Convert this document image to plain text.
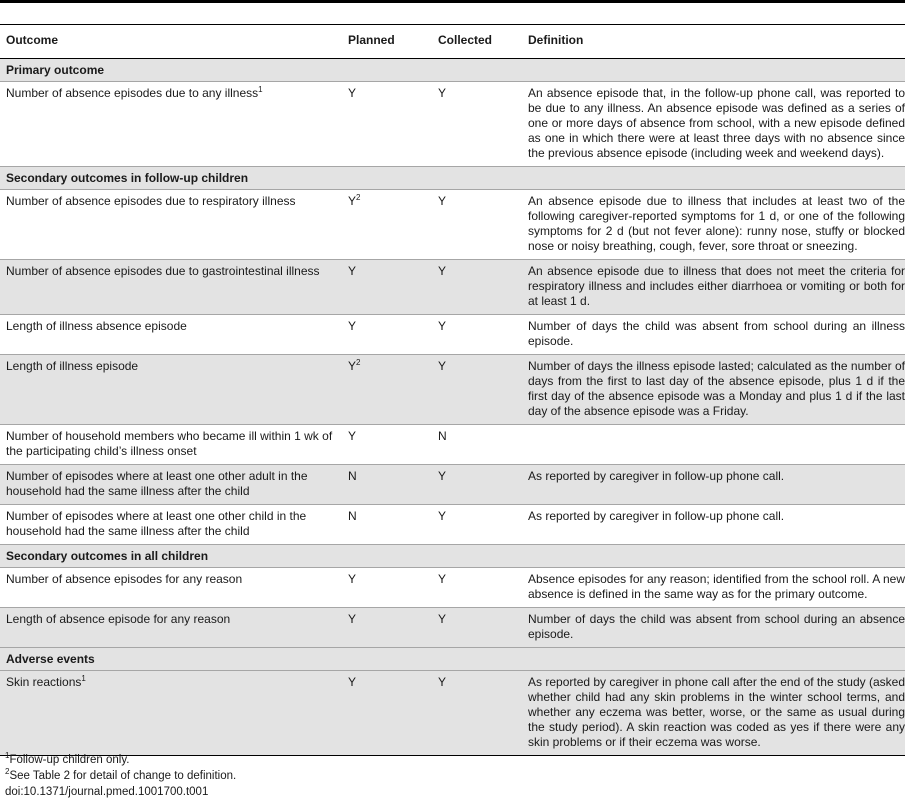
Outcome	Planned	Collected	Definition
Primary outcome			
Number of absence episodes due to any illness$^1$	Y	Y	An absence episode that, in the follow-up phone call, was reported to be due to any illness. An absence episode was defined as a series of one or more days of absence from school, with a new episode defined as one in which there were at least three days with no absence since the previous absence episode (including week and weekend days).
Secondary outcomes in follow-up children			
Number of absence episodes due to respiratory illness	$Y^2$	Y	An absence episode due to illness that includes at least two of the following caregiver-reported symptoms for 1 d, or one of the following symptoms for 2 d (but not fever alone): runny nose, stuffy or blocked nose or noisy breathing, cough, fever, sore throat or sneezing.
Number of absence episodes due to gastrointestinal illness	Y	Y	An absence episode due to illness that does not meet the criteria for respiratory illness and includes either diarrhoea or vomiting or both for at least 1 d.
Length of illness absence episode	Y	Y	Number of days the child was absent from school during an illness episode.
Length of illness episode	$Y^2$	Y	Number of days the illness episode lasted; calculated as the number of days from the first to last day of the absence episode, plus 1 d if the first day of the absence episode was a Monday and plus 1 d if the last day of the absence episode was a Friday.
Number of household members who became ill within 1 wk of the participating child’s illness onset	Y	N	
Number of episodes where at least one other adult in the household had the same illness after the child	N	Y	As reported by caregiver in follow-up phone call.
Number of episodes where at least one other child in the household had the same illness after the child	N	Y	As reported by caregiver in follow-up phone call.
Secondary outcomes in all children			
Number of absence episodes for any reason	Y	Y	Absence episodes for any reason; identified from the school roll. A new absence is defined in the same way as for the primary outcome.
Length of absence episode for any reason	Y	Y	Number of days the child was absent from school during an absence episode.
Adverse events			
Skin reactions$^1$	Y	Y	As reported by caregiver in phone call after the end of the study (asked whether child had any skin problems in the winter school terms, and whether any eczema was better, worse, or the same as usual during the study period). A skin reaction was coded as yes if there were any skin problems or if their eczema was worse.
$^1$Follow-up children only.
$^2$See Table 2 for detail of change to definition.
doi:10.1371/journal.pmed.1001700.t001
